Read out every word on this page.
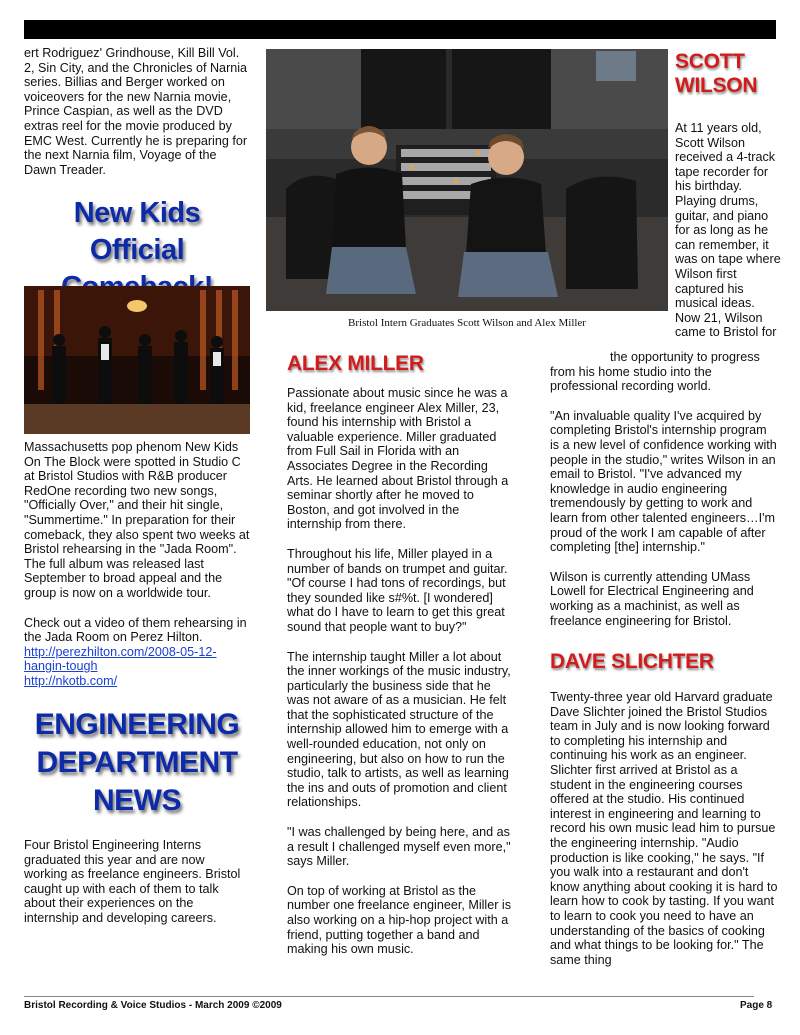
ert Rodriguez' Grindhouse, Kill Bill Vol. 2, Sin City, and the Chronicles of Narnia series. Billias and Berger worked on voiceovers for the new Narnia movie, Prince Caspian, as well as the DVD extras reel for the movie produced by EMC West. Currently he is preparing for the next Narnia film, Voyage of the Dawn Treader.

New Kids Official

Massachusetts pop phenom New Kids On The Block were spotted in Studio C at Bristol Studios with R&B producer RedOne recording two new songs, "Officially Over," and their hit single, "Summertime." In preparation for their comeback, they also spent two weeks at Bristol rehearsing in the "Jada Room". The full album was released last September to broad appeal and the group is now on a worldwide tour.

Check out a video of them rehearsing in the Jada Room on Perez Hilton.

http://perezhilton.com/2008-05-12-hangin-tough
http://nkotb.com/
ENGINEERING
DEPARTMENT
NEWS

Four Bristol Engineering Interns graduated this year and are now working as freelance engineers. Bristol caught up with each of them to talk about their experiences on the internship and developing careers.

Bristol Intern Graduates Scott Wilson and Alex Miller
SCOTT
WILSON
At 11 years old, Scott Wilson received a 4-track tape recorder for his birthday. Playing drums, guitar, and piano for as long as he can remember, it was on tape where Wilson first captured his musical ideas. Now 21, Wilson came to Bristol for

the opportunity to progress from his home studio into the professional recording world.

"An invaluable quality I've acquired by completing Bristol's internship program is a new level of confidence working with people in the studio," writes Wilson in an email to Bristol. "I've advanced my knowledge in audio engineering tremendously by getting to work and learn from other talented engineers…I'm proud of the work I am capable of after completing [the] internship."

Wilson is currently attending UMass Lowell for Electrical Engineering and working as a machinist, as well as freelance engineering for Bristol.

ALEX MILLER

Passionate about music since he was a kid, freelance engineer Alex Miller, 23, found his internship with Bristol a valuable experience. Miller graduated from Full Sail in Florida with an Associates Degree in the Recording Arts. He learned about Bristol through a seminar shortly after he moved to Boston, and got involved in the internship from there.

Throughout his life, Miller played in a number of bands on trumpet and guitar. "Of course I had tons of recordings, but they sounded like s#%t. [I wondered] what do I have to learn to get this great sound that people want to buy?"

The internship taught Miller a lot about the inner workings of the music industry, particularly the business side that he was not aware of as a musician. He felt that the sophisticated structure of the internship allowed him to emerge with a well-rounded education, not only on engineering, but also on how to run the studio, talk to artists, as well as learning the ins and outs of promotion and client relationships.

"I was challenged by being here, and as a result I challenged myself even more," says Miller.

On top of working at Bristol as the number one freelance engineer, Miller is also working on a hip-hop project with a friend, putting together a band and making his own music.

DAVE SLICHTER

Twenty-three year old Harvard graduate Dave Slichter joined the Bristol Studios team in July and is now looking forward to completing his internship and continuing his work as an engineer. Slichter first arrived at Bristol as a student in the engineering courses offered at the studio. His continued interest in engineering and learning to record his own music lead him to pursue the engineering internship. "Audio production is like cooking," he says. "If you walk into a restaurant and don't know anything about cooking it is hard to learn how to cook by tasting. If you want to learn to cook you need to have an understanding of the basics of cooking and what things to be looking for." The same thing

Bristol Recording & Voice Studios - March 2009 ©2009	Page 8
